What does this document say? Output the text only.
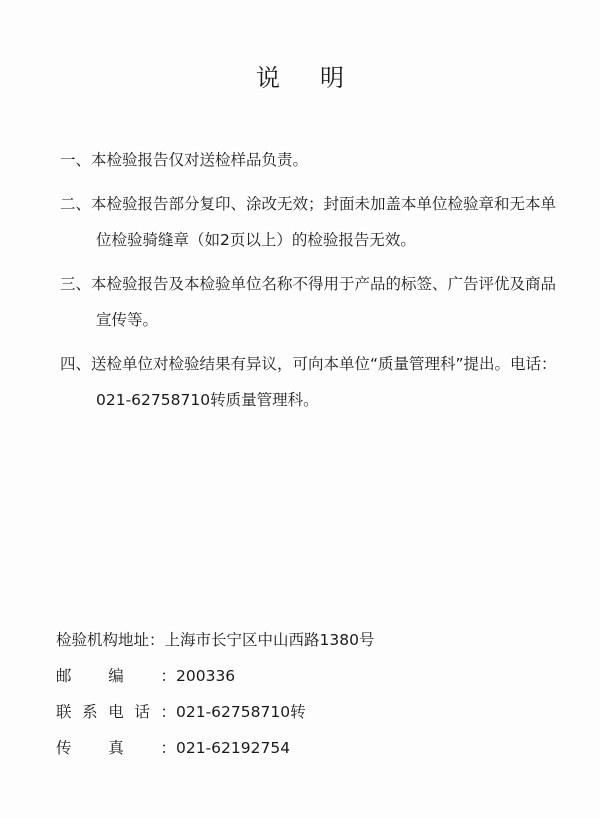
说明

一、本检验报告仅对送检样品负责。

二、本检验报告部分复印、涂改无效；封面未加盖本单位检验章和无本单位检验骑缝章（如2页以上）的检验报告无效。

三、本检验报告及本检验单位名称不得用于产品的标签、广告评优及商品宣传等。

四、送检单位对检验结果有异议，可向本单位“质量管理科”提出。电话：021-62758710转质量管理科。

检验机构地址： 上海市长宁区中山西路1380号
邮编： 200336
联系电话： 021-62758710转
传真： 021-62192754
